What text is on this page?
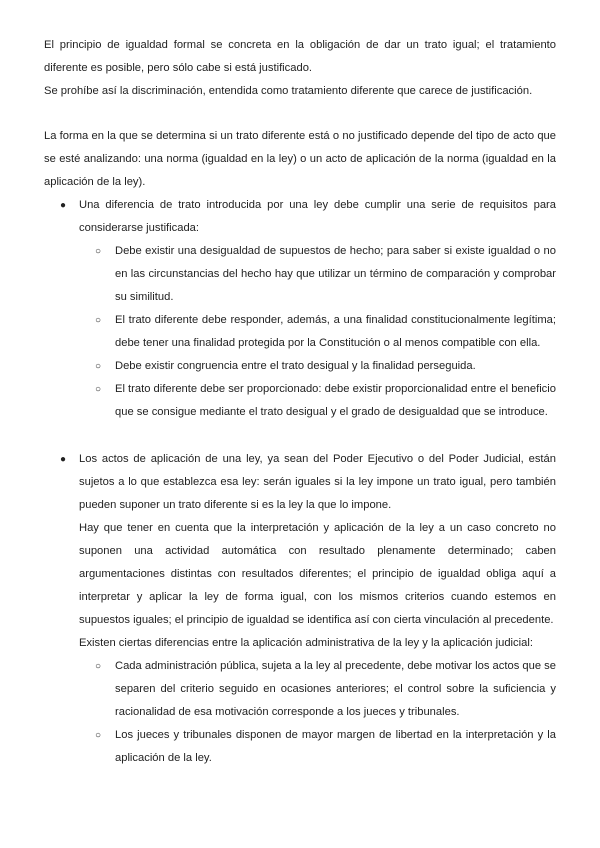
El principio de igualdad formal se concreta en la obligación de dar un trato igual; el tratamiento diferente es posible, pero sólo cabe si está justificado.

Se prohíbe así la discriminación, entendida como tratamiento diferente que carece de justificación.

La forma en la que se determina si un trato diferente está o no justificado depende del tipo de acto que se esté analizando: una norma (igualdad en la ley) o un acto de aplicación de la norma (igualdad en la aplicación de la ley).

● Una diferencia de trato introducida por una ley debe cumplir una serie de requisitos para considerarse justificada:

○ Debe existir una desigualdad de supuestos de hecho; para saber si existe igualdad o no en las circunstancias del hecho hay que utilizar un término de comparación y comprobar su similitud.
○ El trato diferente debe responder, además, a una finalidad constitucionalmente legítima; debe tener una finalidad protegida por la Constitución o al menos compatible con ella.
○ Debe existir congruencia entre el trato desigual y la finalidad perseguida.
○ El trato diferente debe ser proporcionado: debe existir proporcionalidad entre el beneficio que se consigue mediante el trato desigual y el grado de desigualdad que se introduce.
● Los actos de aplicación de una ley, ya sean del Poder Ejecutivo o del Poder Judicial, están sujetos a lo que establezca esa ley: serán iguales si la ley impone un trato igual, pero también pueden suponer un trato diferente si es la ley la que lo impone.

Hay que tener en cuenta que la interpretación y aplicación de la ley a un caso concreto no suponen una actividad automática con resultado plenamente determinado; caben argumentaciones distintas con resultados diferentes; el principio de igualdad obliga aquí a interpretar y aplicar la ley de forma igual, con los mismos criterios cuando estemos en supuestos iguales; el principio de igualdad se identifica así con cierta vinculación al precedente.

Existen ciertas diferencias entre la aplicación administrativa de la ley y la aplicación judicial:

○ Cada administración pública, sujeta a la ley al precedente, debe motivar los actos que se separen del criterio seguido en ocasiones anteriores; el control sobre la suficiencia y racionalidad de esa motivación corresponde a los jueces y tribunales.
○ Los jueces y tribunales disponen de mayor margen de libertad en la interpretación y la aplicación de la ley.
